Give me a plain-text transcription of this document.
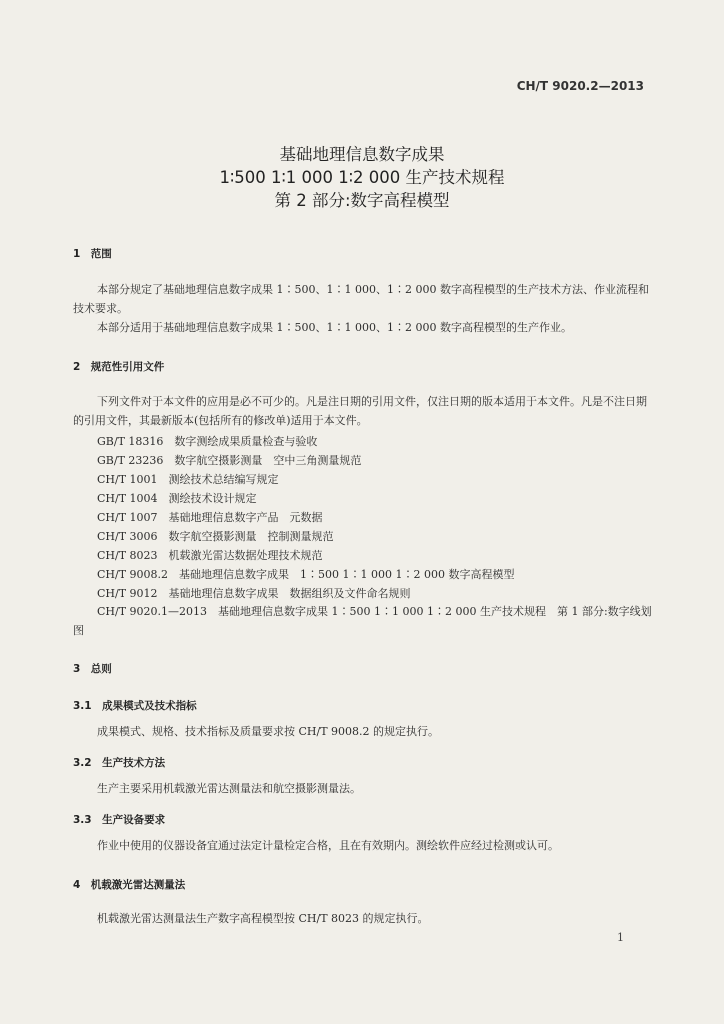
CH/T 9020.2—2013
基础地理信息数字成果
1∶500 1∶1 000 1∶2 000 生产技术规程
第 2 部分:数字高程模型
1　范围

本部分规定了基础地理信息数字成果 1∶500、1∶1 000、1∶2 000 数字高程模型的生产技术方法、作业流程和技术要求。

本部分适用于基础地理信息数字成果 1∶500、1∶1 000、1∶2 000 数字高程模型的生产作业。

2　规范性引用文件

下列文件对于本文件的应用是必不可少的。凡是注日期的引用文件，仅注日期的版本适用于本文件。凡是不注日期的引用文件，其最新版本(包括所有的修改单)适用于本文件。

GB/T 18316　数字测绘成果质量检查与验收
GB/T 23236　数字航空摄影测量　空中三角测量规范
CH/T 1001　测绘技术总结编写规定
CH/T 1004　测绘技术设计规定
CH/T 1007　基础地理信息数字产品　元数据
CH/T 3006　数字航空摄影测量　控制测量规范
CH/T 8023　机载激光雷达数据处理技术规范
CH/T 9008.2　基础地理信息数字成果　1∶500 1∶1 000 1∶2 000 数字高程模型
CH/T 9012　基础地理信息数字成果　数据组织及文件命名规则

CH/T 9020.1—2013　基础地理信息数字成果 1∶500 1∶1 000 1∶2 000 生产技术规程　第 1 部分:数字线划图

3　总则
3.1　成果模式及技术指标

成果模式、规格、技术指标及质量要求按 CH/T 9008.2 的规定执行。

3.2　生产技术方法

生产主要采用机载激光雷达测量法和航空摄影测量法。

3.3　生产设备要求

作业中使用的仪器设备宜通过法定计量检定合格，且在有效期内。测绘软件应经过检测或认可。

4　机载激光雷达测量法

机载激光雷达测量法生产数字高程模型按 CH/T 8023 的规定执行。

1
